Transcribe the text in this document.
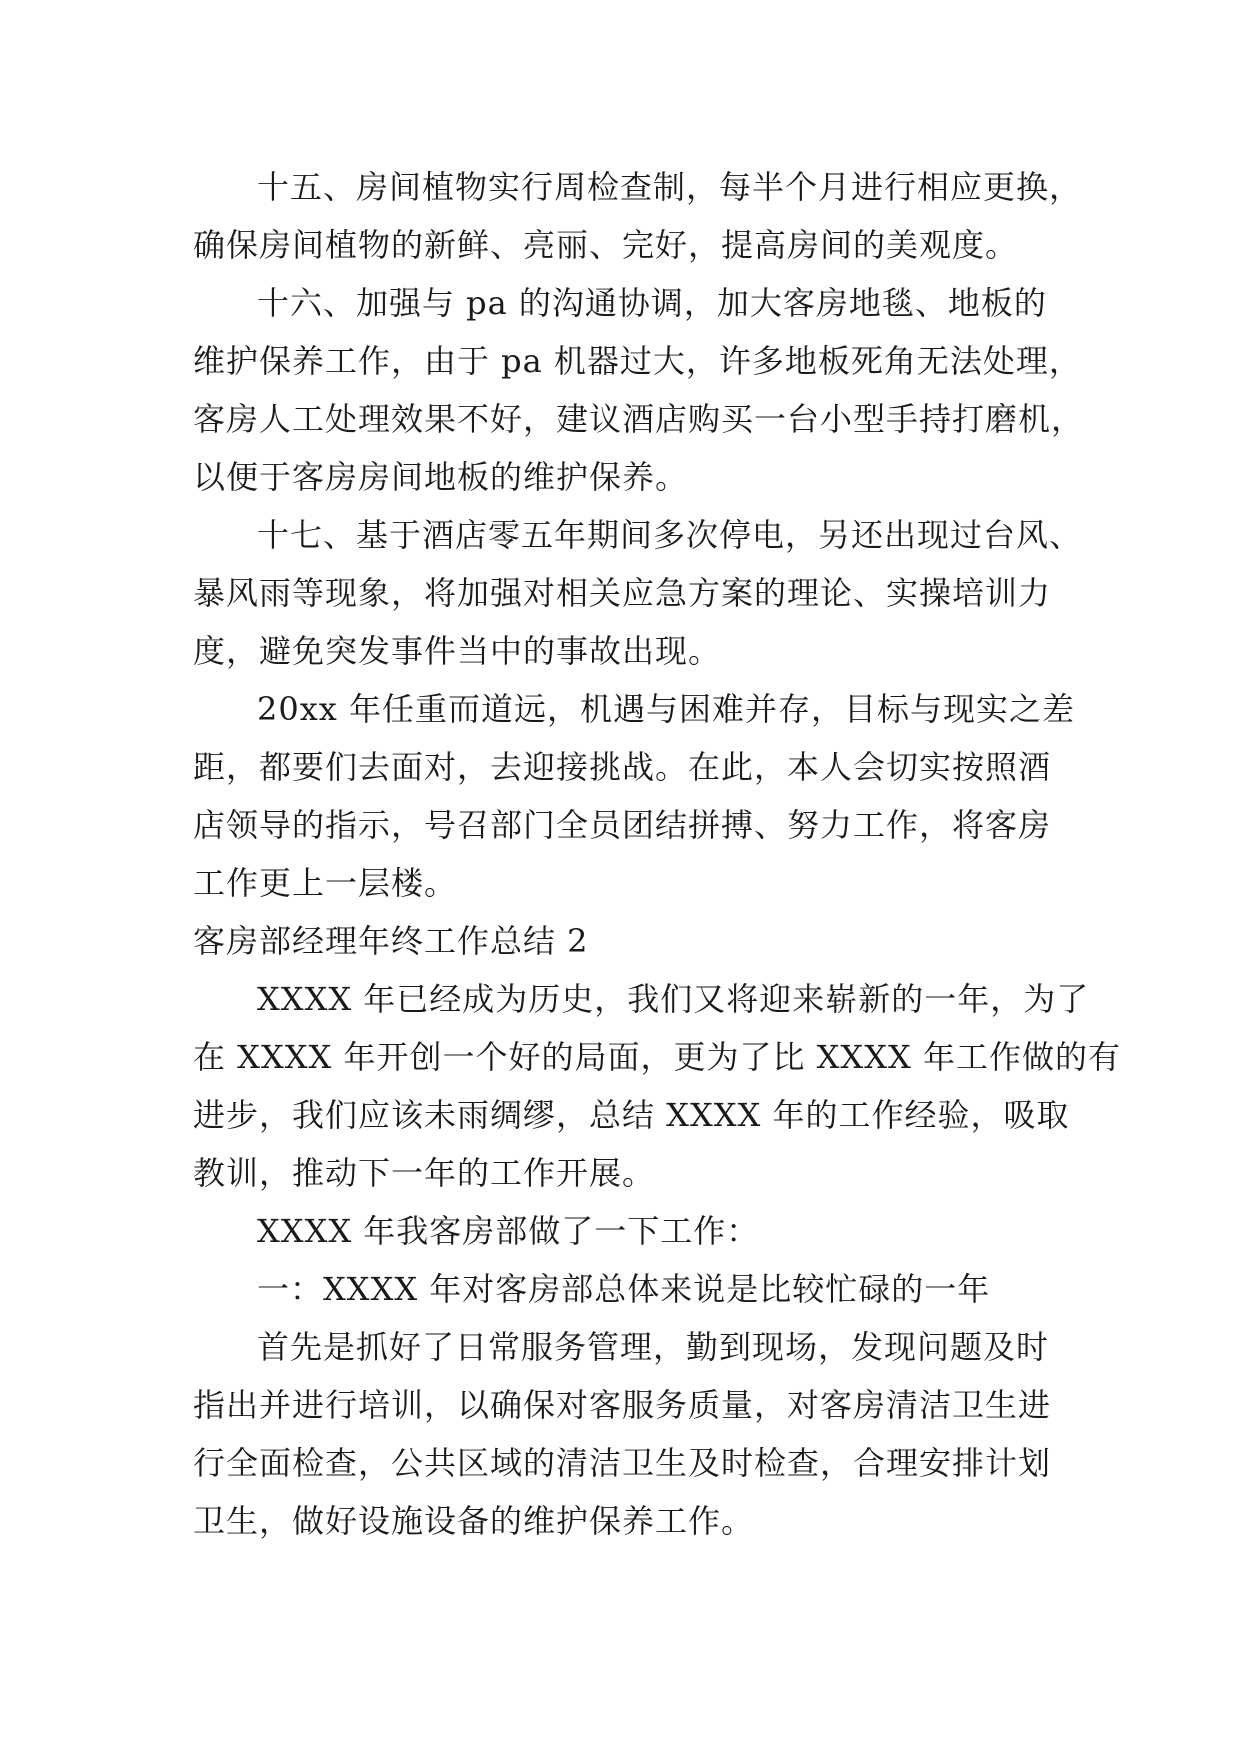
十五、房间植物实行周检查制，每半个月进行相应更换，
确保房间植物的新鲜、亮丽、完好，提高房间的美观度。
十六、加强与 pa 的沟通协调，加大客房地毯、地板的
维护保养工作，由于 pa 机器过大，许多地板死角无法处理，
客房人工处理效果不好，建议酒店购买一台小型手持打磨机，
以便于客房房间地板的维护保养。
十七、基于酒店零五年期间多次停电，另还出现过台风、
暴风雨等现象，将加强对相关应急方案的理论、实操培训力
度，避免突发事件当中的事故出现。
20xx 年任重而道远，机遇与困难并存，目标与现实之差
距，都要们去面对，去迎接挑战。在此，本人会切实按照酒
店领导的指示，号召部门全员团结拼搏、努力工作，将客房
工作更上一层楼。
客房部经理年终工作总结 2
XXXX 年已经成为历史，我们又将迎来崭新的一年，为了
在 XXXX 年开创一个好的局面，更为了比 XXXX 年工作做的有
进步，我们应该未雨绸缪，总结 XXXX 年的工作经验，吸取
教训，推动下一年的工作开展。
XXXX 年我客房部做了一下工作：
一：XXXX 年对客房部总体来说是比较忙碌的一年
首先是抓好了日常服务管理，勤到现场，发现问题及时
指出并进行培训，以确保对客服务质量，对客房清洁卫生进
行全面检查，公共区域的清洁卫生及时检查，合理安排计划
卫生，做好设施设备的维护保养工作。
